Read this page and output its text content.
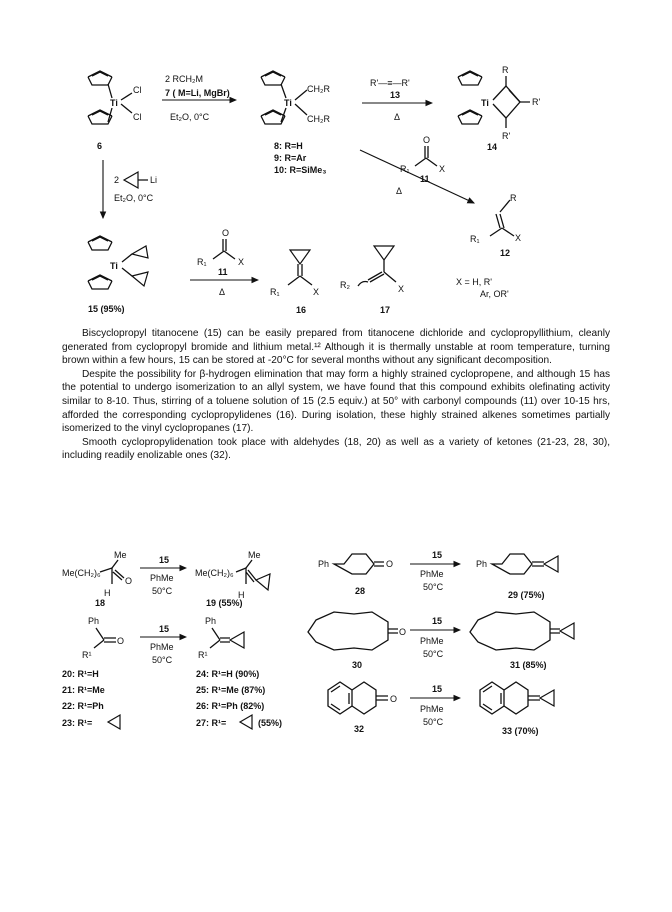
Ti
Cl
Cl
6
2 RCH₂M
7 ( M=Li, MgBr)
Et₂O, 0°C
Ti
CH₂R
CH₂R
8: R=H
9: R=Ar
10: R=SiMe₃
R'—≡—R'
13
Δ
Ti
R
R'
R'
14
O
R₁	X
11
Δ
R
R₁	X
12
2	Li
Et₂O, 0°C
Ti
15 (95%)
O
R₁	X
11
Δ	R₁	X
16
R₂	X
17
X = H, R'
Ar, OR'
Me
Me(CH₂)₆
O
H
18
15
PhMe
50°C
Me
Me(CH₂)₆
H
19 (55%)
Ph	O
28
15
PhMe
50°C
Ph
29 (75%)
Ph
O
R¹
15
PhMe
50°C
Ph
R¹
20: R¹=H
21: R¹=Me
22: R¹=Ph
23: R¹=
24: R¹=H (90%)
25: R¹=Me (87%)
26: R¹=Ph (82%)
27: R¹=	(55%)
O
30
15
PhMe
50°C
31 (85%)
O
32
15
PhMe
50°C
33 (70%)

Biscyclopropyl titanocene (15) can be easily prepared from titanocene dichloride and cyclopropyllithium, cleanly generated from cyclopropyl bromide and lithium metal.¹² Although it is thermally unstable at room temperature, turning brown within a few hours, 15 can be stored at -20°C for several months without any significant decomposition.

Despite the possibility for β-hydrogen elimination that may form a highly strained cyclopropene, and although 15 has the potential to undergo isomerization to an allyl system, we have found that this compound exhibits olefinating activity similar to 8-10. Thus, stirring of a toluene solution of 15 (2.5 equiv.) at 50° with carbonyl compounds (11) over 10-15 hrs, afforded the corresponding cyclopropylidenes (16). During isolation, these highly strained alkenes sometimes partially isomerized to the vinyl cyclopropanes (17).

Smooth cyclopropylidenation took place with aldehydes (18, 20) as well as a variety of ketones (21-23, 28, 30), including readily enolizable ones (32).
